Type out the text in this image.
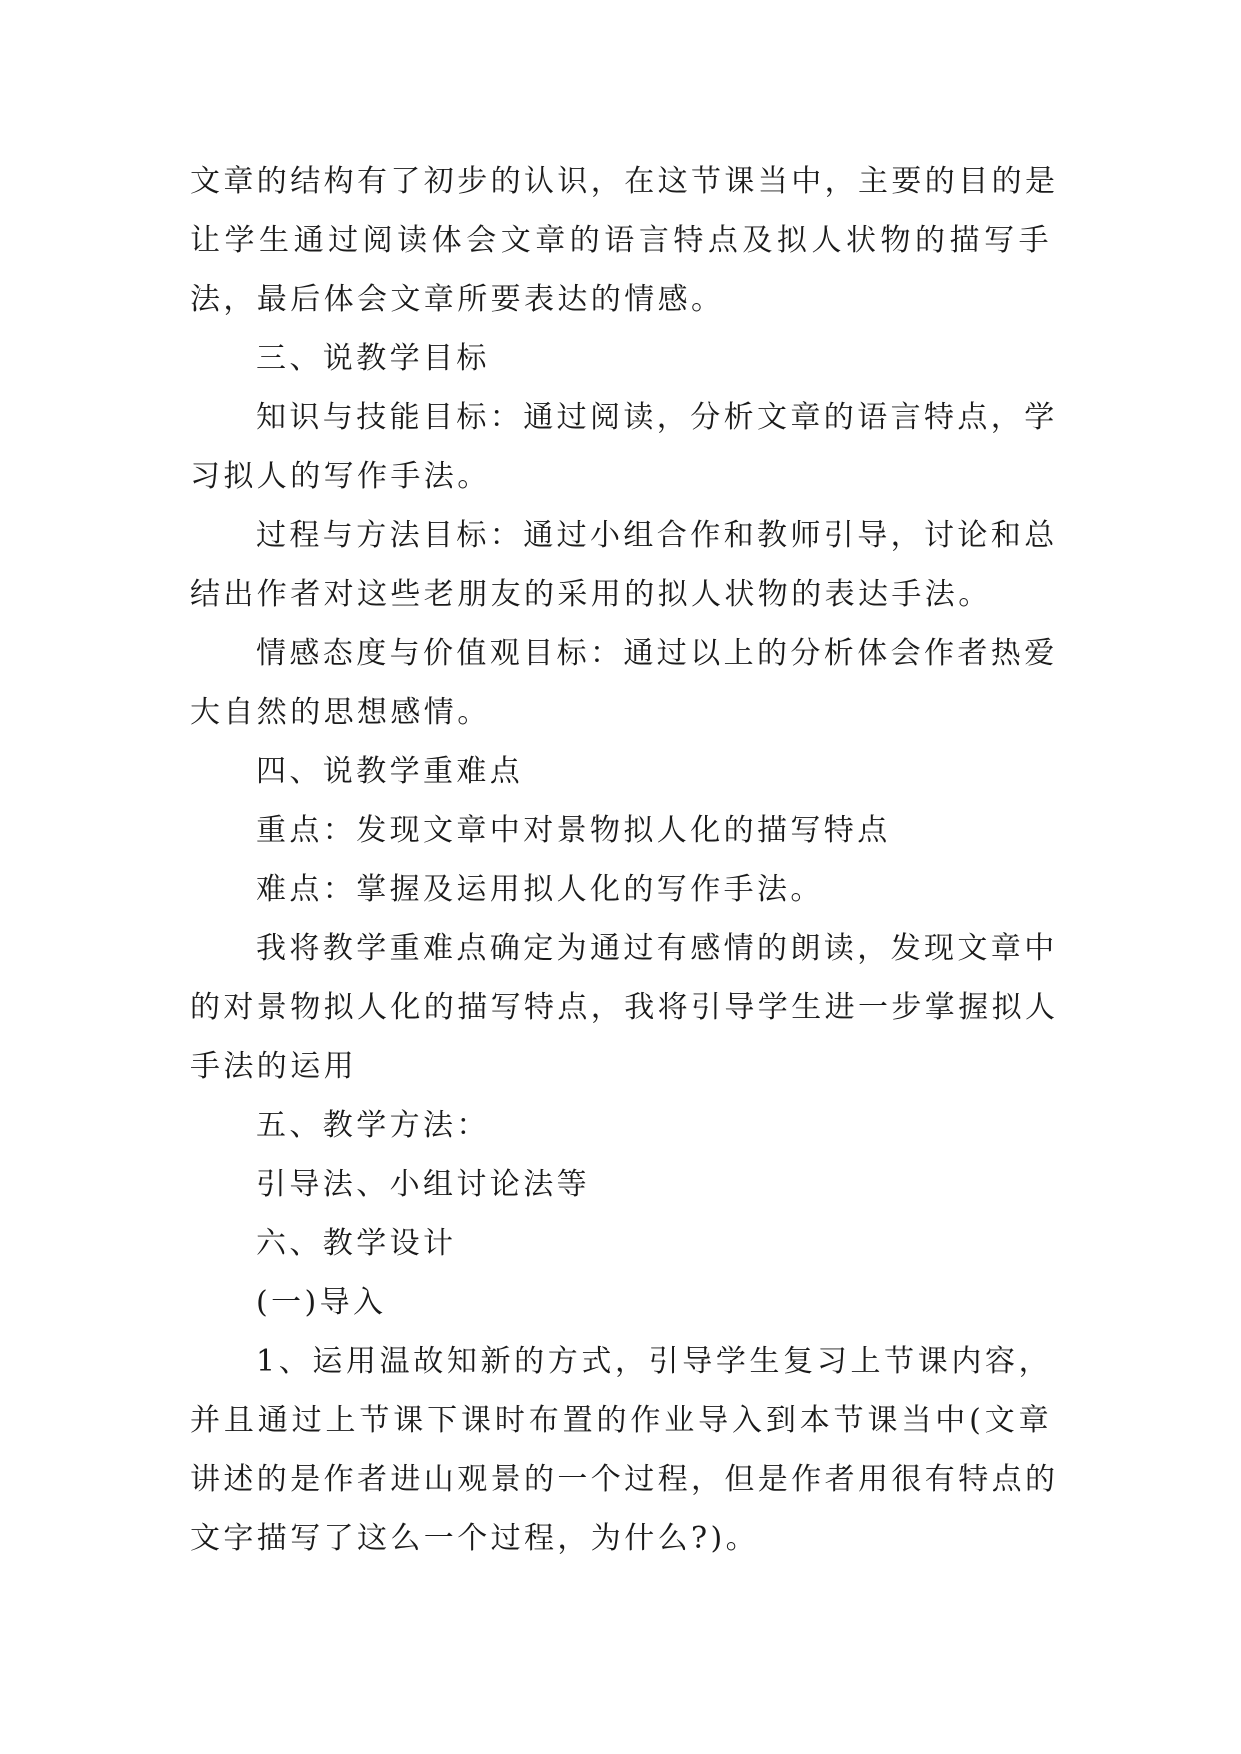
文章的结构有了初步的认识，在这节课当中，主要的目的是
让学生通过阅读体会文章的语言特点及拟人状物的描写手
法，最后体会文章所要表达的情感。

三、说教学目标

知识与技能目标：通过阅读，分析文章的语言特点，学
习拟人的写作手法。

过程与方法目标：通过小组合作和教师引导，讨论和总
结出作者对这些老朋友的采用的拟人状物的表达手法。

情感态度与价值观目标：通过以上的分析体会作者热爱
大自然的思想感情。

四、说教学重难点

重点：发现文章中对景物拟人化的描写特点

难点：掌握及运用拟人化的写作手法。

我将教学重难点确定为通过有感情的朗读，发现文章中
的对景物拟人化的描写特点，我将引导学生进一步掌握拟人
手法的运用

五、教学方法：

引导法、小组讨论法等

六、教学设计

(一)导入

1、运用温故知新的方式，引导学生复习上节课内容，
并且通过上节课下课时布置的作业导入到本节课当中(文章
讲述的是作者进山观景的一个过程，但是作者用很有特点的
文字描写了这么一个过程，为什么?)。
